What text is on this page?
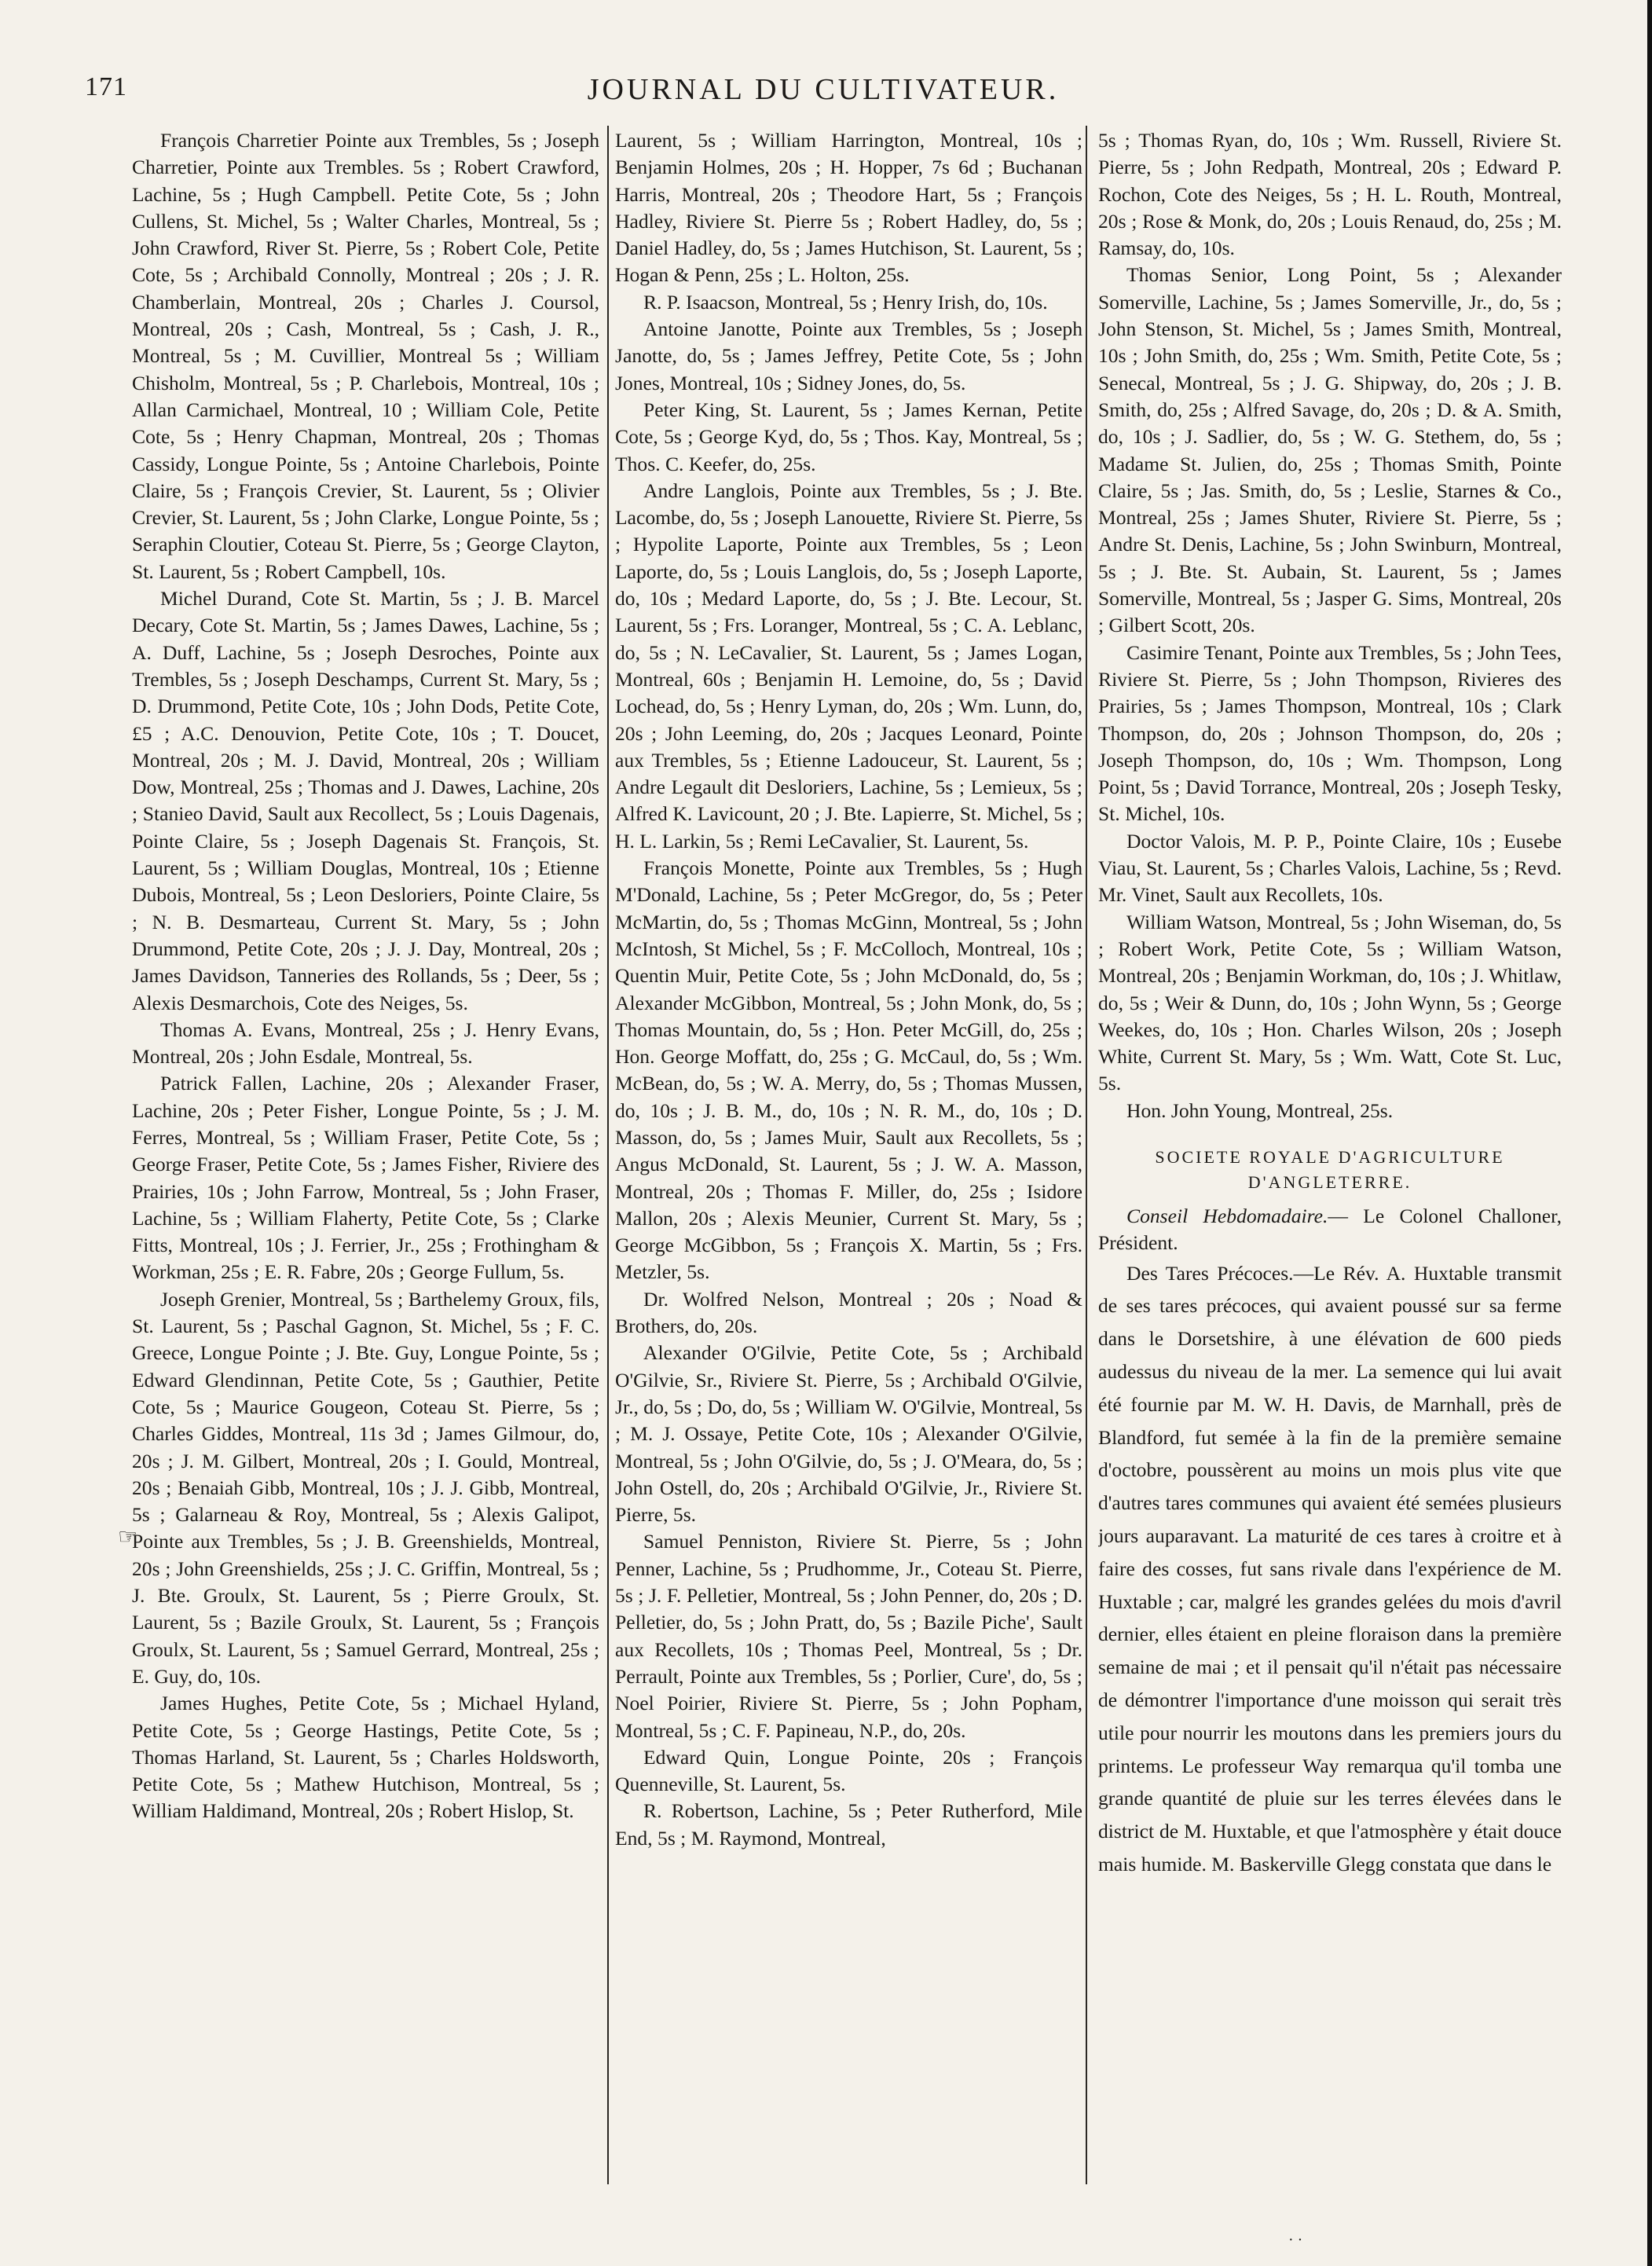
171	JOURNAL DU CULTIVATEUR.

François Charretier Pointe aux Trembles, 5s ; Joseph Charretier, Pointe aux Trembles. 5s ; Robert Crawford, Lachine, 5s ; Hugh Campbell. Petite Cote, 5s ; John Cullens, St. Michel, 5s ; Walter Charles, Montreal, 5s ; John Crawford, River St. Pierre, 5s ; Robert Cole, Petite Cote, 5s ; Archibald Connolly, Montreal ; 20s ; J. R. Chamberlain, Montreal, 20s ; Charles J. Coursol, Montreal, 20s ; Cash, Montreal, 5s ; Cash, J. R., Montreal, 5s ; M. Cuvillier, Montreal 5s ; William Chisholm, Montreal, 5s ; P. Charlebois, Montreal, 10s ; Allan Carmichael, Montreal, 10 ; William Cole, Petite Cote, 5s ; Henry Chapman, Montreal, 20s ; Thomas Cassidy, Longue Pointe, 5s ; Antoine Charlebois, Pointe Claire, 5s ; François Crevier, St. Laurent, 5s ; Olivier Crevier, St. Laurent, 5s ; John Clarke, Longue Pointe, 5s ; Seraphin Cloutier, Coteau St. Pierre, 5s ; George Clayton, St. Laurent, 5s ; Robert Campbell, 10s.

Michel Durand, Cote St. Martin, 5s ; J. B. Marcel Decary, Cote St. Martin, 5s ; James Dawes, Lachine, 5s ; A. Duff, Lachine, 5s ; Joseph Desroches, Pointe aux Trembles, 5s ; Joseph Deschamps, Current St. Mary, 5s ; D. Drummond, Petite Cote, 10s ; John Dods, Petite Cote, £5 ; A.C. Denouvion, Petite Cote, 10s ; T. Doucet, Montreal, 20s ; M. J. David, Montreal, 20s ; William Dow, Montreal, 25s ; Thomas and J. Dawes, Lachine, 20s ; Stanieo David, Sault aux Recollect, 5s ; Louis Dagenais, Pointe Claire, 5s ; Joseph Dagenais St. François, St. Laurent, 5s ; William Douglas, Montreal, 10s ; Etienne Dubois, Montreal, 5s ; Leon Desloriers, Pointe Claire, 5s ; N. B. Desmarteau, Current St. Mary, 5s ; John Drummond, Petite Cote, 20s ; J. J. Day, Montreal, 20s ; James Davidson, Tanneries des Rollands, 5s ; Deer, 5s ; Alexis Desmarchois, Cote des Neiges, 5s.

Thomas A. Evans, Montreal, 25s ; J. Henry Evans, Montreal, 20s ; John Esdale, Montreal, 5s.

Patrick Fallen, Lachine, 20s ; Alexander Fraser, Lachine, 20s ; Peter Fisher, Longue Pointe, 5s ; J. M. Ferres, Montreal, 5s ; William Fraser, Petite Cote, 5s ; George Fraser, Petite Cote, 5s ; James Fisher, Riviere des Prairies, 10s ; John Farrow, Montreal, 5s ; John Fraser, Lachine, 5s ; William Flaherty, Petite Cote, 5s ; Clarke Fitts, Montreal, 10s ; J. Ferrier, Jr., 25s ; Frothingham & Workman, 25s ; E. R. Fabre, 20s ; George Fullum, 5s.

Joseph Grenier, Montreal, 5s ; Barthelemy Groux, fils, St. Laurent, 5s ; Paschal Gagnon, St. Michel, 5s ; F. C. Greece, Longue Pointe ; J. Bte. Guy, Longue Pointe, 5s ; Edward Glendinnan, Petite Cote, 5s ; Gauthier, Petite Cote, 5s ; Maurice Gougeon, Coteau St. Pierre, 5s ; Charles Giddes, Montreal, 11s 3d ; James Gilmour, do, 20s ; J. M. Gilbert, Montreal, 20s ; I. Gould, Montreal, 20s ; Benaiah Gibb, Montreal, 10s ; J. J. Gibb, Montreal, 5s ; Galarneau & Roy, Montreal, 5s ; Alexis Galipot, Pointe aux Trembles, 5s ; J. B. Greenshields, Montreal, 20s ; John Greenshields, 25s ; J. C. Griffin, Montreal, 5s ; J. Bte. Groulx, St. Laurent, 5s ; Pierre Groulx, St. Laurent, 5s ; Bazile Groulx, St. Laurent, 5s ; François Groulx, St. Laurent, 5s ; Samuel Gerrard, Montreal, 25s ; E. Guy, do, 10s.

James Hughes, Petite Cote, 5s ; Michael Hyland, Petite Cote, 5s ; George Hastings, Petite Cote, 5s ; Thomas Harland, St. Laurent, 5s ; Charles Holdsworth, Petite Cote, 5s ; Mathew Hutchison, Montreal, 5s ; William Haldimand, Montreal, 20s ; Robert Hislop, St.

Laurent, 5s ; William Harrington, Montreal, 10s ; Benjamin Holmes, 20s ; H. Hopper, 7s 6d ; Buchanan Harris, Montreal, 20s ; Theodore Hart, 5s ; François Hadley, Riviere St. Pierre 5s ; Robert Hadley, do, 5s ; Daniel Hadley, do, 5s ; James Hutchison, St. Laurent, 5s ; Hogan & Penn, 25s ; L. Holton, 25s.

R. P. Isaacson, Montreal, 5s ; Henry Irish, do, 10s.

Antoine Janotte, Pointe aux Trembles, 5s ; Joseph Janotte, do, 5s ; James Jeffrey, Petite Cote, 5s ; John Jones, Montreal, 10s ; Sidney Jones, do, 5s.

Peter King, St. Laurent, 5s ; James Kernan, Petite Cote, 5s ; George Kyd, do, 5s ; Thos. Kay, Montreal, 5s ; Thos. C. Keefer, do, 25s.

Andre Langlois, Pointe aux Trembles, 5s ; J. Bte. Lacombe, do, 5s ; Joseph Lanouette, Riviere St. Pierre, 5s ; Hypolite Laporte, Pointe aux Trembles, 5s ; Leon Laporte, do, 5s ; Louis Langlois, do, 5s ; Joseph Laporte, do, 10s ; Medard Laporte, do, 5s ; J. Bte. Lecour, St. Laurent, 5s ; Frs. Loranger, Montreal, 5s ; C. A. Leblanc, do, 5s ; N. LeCavalier, St. Laurent, 5s ; James Logan, Montreal, 60s ; Benjamin H. Lemoine, do, 5s ; David Lochead, do, 5s ; Henry Lyman, do, 20s ; Wm. Lunn, do, 20s ; John Leeming, do, 20s ; Jacques Leonard, Pointe aux Trembles, 5s ; Etienne Ladouceur, St. Laurent, 5s ; Andre Legault dit Desloriers, Lachine, 5s ; Lemieux, 5s ; Alfred K. Lavicount, 20 ; J. Bte. Lapierre, St. Michel, 5s ; H. L. Larkin, 5s ; Remi LeCavalier, St. Laurent, 5s.

François Monette, Pointe aux Trembles, 5s ; Hugh M'Donald, Lachine, 5s ; Peter McGregor, do, 5s ; Peter McMartin, do, 5s ; Thomas McGinn, Montreal, 5s ; John McIntosh, St Michel, 5s ; F. McColloch, Montreal, 10s ; Quentin Muir, Petite Cote, 5s ; John McDonald, do, 5s ; Alexander McGibbon, Montreal, 5s ; John Monk, do, 5s ; Thomas Mountain, do, 5s ; Hon. Peter McGill, do, 25s ; Hon. George Moffatt, do, 25s ; G. McCaul, do, 5s ; Wm. McBean, do, 5s ; W. A. Merry, do, 5s ; Thomas Mussen, do, 10s ; J. B. M., do, 10s ; N. R. M., do, 10s ; D. Masson, do, 5s ; James Muir, Sault aux Recollets, 5s ; Angus McDonald, St. Laurent, 5s ; J. W. A. Masson, Montreal, 20s ; Thomas F. Miller, do, 25s ; Isidore Mallon, 20s ; Alexis Meunier, Current St. Mary, 5s ; George McGibbon, 5s ; François X. Martin, 5s ; Frs. Metzler, 5s.

Dr. Wolfred Nelson, Montreal ; 20s ; Noad & Brothers, do, 20s.

Alexander O'Gilvie, Petite Cote, 5s ; Archibald O'Gilvie, Sr., Riviere St. Pierre, 5s ; Archibald O'Gilvie, Jr., do, 5s ; Do, do, 5s ; William W. O'Gilvie, Montreal, 5s ; M. J. Ossaye, Petite Cote, 10s ; Alexander O'Gilvie, Montreal, 5s ; John O'Gilvie, do, 5s ; J. O'Meara, do, 5s ; John Ostell, do, 20s ; Archibald O'Gilvie, Jr., Riviere St. Pierre, 5s.

Samuel Penniston, Riviere St. Pierre, 5s ; John Penner, Lachine, 5s ; Prudhomme, Jr., Coteau St. Pierre, 5s ; J. F. Pelletier, Montreal, 5s ; John Penner, do, 20s ; D. Pelletier, do, 5s ; John Pratt, do, 5s ; Bazile Piche', Sault aux Recollets, 10s ; Thomas Peel, Montreal, 5s ; Dr. Perrault, Pointe aux Trembles, 5s ; Porlier, Cure', do, 5s ; Noel Poirier, Riviere St. Pierre, 5s ; John Popham, Montreal, 5s ; C. F. Papineau, N.P., do, 20s.

Edward Quin, Longue Pointe, 20s ; François Quenneville, St. Laurent, 5s.

R. Robertson, Lachine, 5s ; Peter Rutherford, Mile End, 5s ; M. Raymond, Montreal,

5s ; Thomas Ryan, do, 10s ; Wm. Russell, Riviere St. Pierre, 5s ; John Redpath, Montreal, 20s ; Edward P. Rochon, Cote des Neiges, 5s ; H. L. Routh, Montreal, 20s ; Rose & Monk, do, 20s ; Louis Renaud, do, 25s ; M. Ramsay, do, 10s.

Thomas Senior, Long Point, 5s ; Alexander Somerville, Lachine, 5s ; James Somerville, Jr., do, 5s ; John Stenson, St. Michel, 5s ; James Smith, Montreal, 10s ; John Smith, do, 25s ; Wm. Smith, Petite Cote, 5s ; Senecal, Montreal, 5s ; J. G. Shipway, do, 20s ; J. B. Smith, do, 25s ; Alfred Savage, do, 20s ; D. & A. Smith, do, 10s ; J. Sadlier, do, 5s ; W. G. Stethem, do, 5s ; Madame St. Julien, do, 25s ; Thomas Smith, Pointe Claire, 5s ; Jas. Smith, do, 5s ; Leslie, Starnes & Co., Montreal, 25s ; James Shuter, Riviere St. Pierre, 5s ; Andre St. Denis, Lachine, 5s ; John Swinburn, Montreal, 5s ; J. Bte. St. Aubain, St. Laurent, 5s ; James Somerville, Montreal, 5s ; Jasper G. Sims, Montreal, 20s ; Gilbert Scott, 20s.

Casimire Tenant, Pointe aux Trembles, 5s ; John Tees, Riviere St. Pierre, 5s ; John Thompson, Rivieres des Prairies, 5s ; James Thompson, Montreal, 10s ; Clark Thompson, do, 20s ; Johnson Thompson, do, 20s ; Joseph Thompson, do, 10s ; Wm. Thompson, Long Point, 5s ; David Torrance, Montreal, 20s ; Joseph Tesky, St. Michel, 10s.

Doctor Valois, M. P. P., Pointe Claire, 10s ; Eusebe Viau, St. Laurent, 5s ; Charles Valois, Lachine, 5s ; Revd. Mr. Vinet, Sault aux Recollets, 10s.

William Watson, Montreal, 5s ; John Wiseman, do, 5s ; Robert Work, Petite Cote, 5s ; William Watson, Montreal, 20s ; Benjamin Workman, do, 10s ; J. Whitlaw, do, 5s ; Weir & Dunn, do, 10s ; John Wynn, 5s ; George Weekes, do, 10s ; Hon. Charles Wilson, 20s ; Joseph White, Current St. Mary, 5s ; Wm. Watt, Cote St. Luc, 5s.

Hon. John Young, Montreal, 25s.

SOCIETE ROYALE D'AGRICULTURE
D'ANGLETERRE.

Conseil Hebdomadaire.— Le Colonel Challoner, Président.

Des Tares Précoces.—Le Rév. A. Huxtable transmit de ses tares précoces, qui avaient poussé sur sa ferme dans le Dorsetshire, à une élévation de 600 pieds audessus du niveau de la mer. La semence qui lui avait été fournie par M. W. H. Davis, de Marnhall, près de Blandford, fut semée à la fin de la première semaine d'octobre, poussèrent au moins un mois plus vite que d'autres tares communes qui avaient été semées plusieurs jours auparavant. La maturité de ces tares à croitre et à faire des cosses, fut sans rivale dans l'expérience de M. Huxtable ; car, malgré les grandes gelées du mois d'avril dernier, elles étaient en pleine floraison dans la première semaine de mai ; et il pensait qu'il n'était pas nécessaire de démontrer l'importance d'une moisson qui serait très utile pour nourrir les moutons dans les premiers jours du printems. Le professeur Way remarqua qu'il tomba une grande quantité de pluie sur les terres élevées dans le district de M. Huxtable, et que l'atmosphère y était douce mais humide. M. Baskerville Glegg constata que dans le

☞
· ·
